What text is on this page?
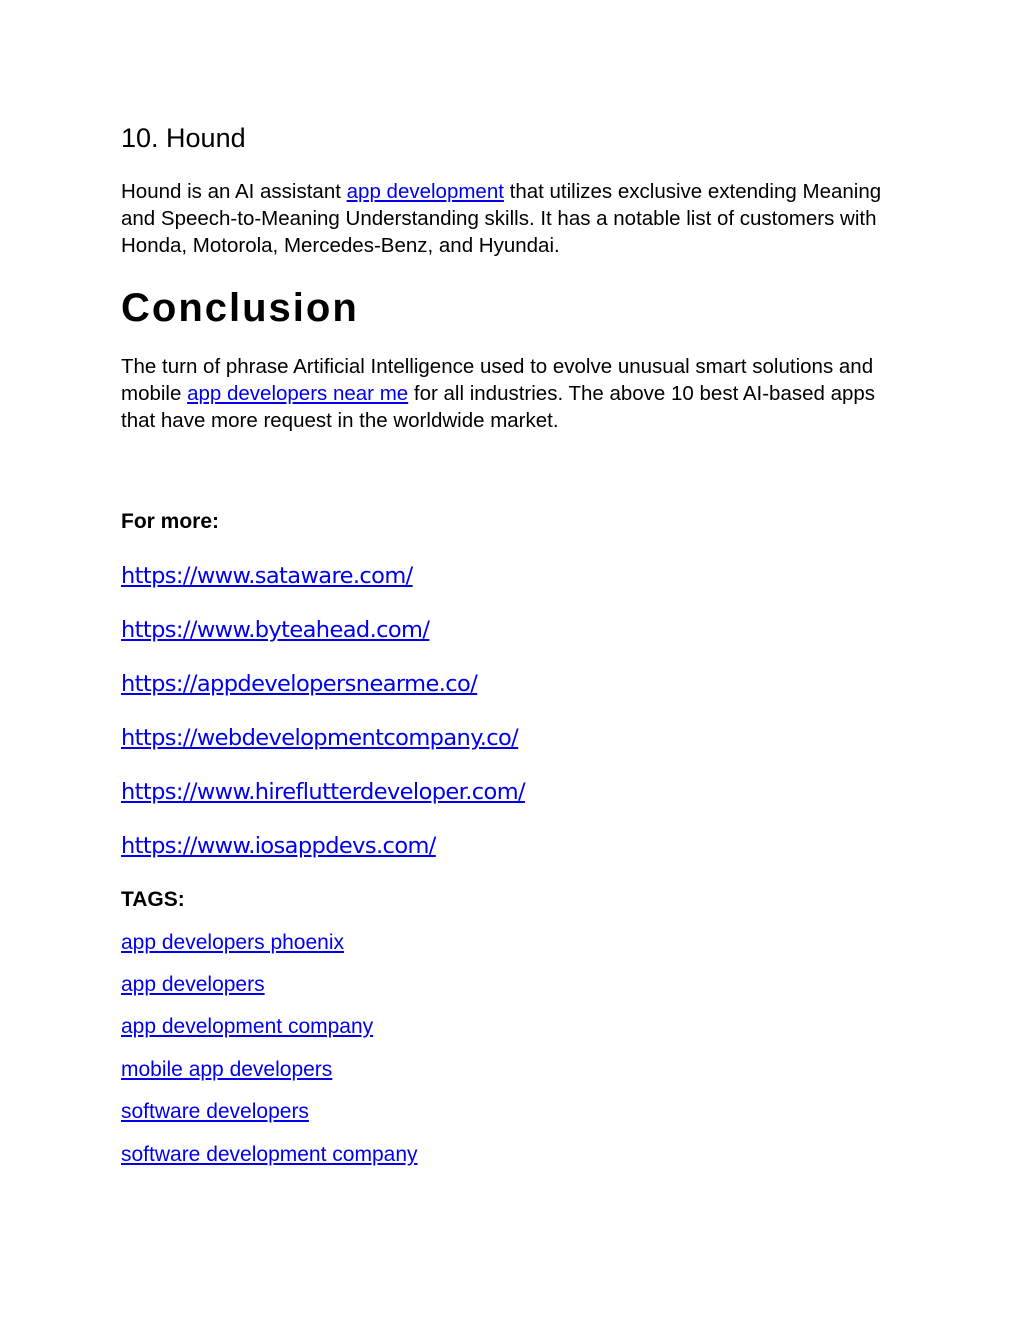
10. Hound

Hound is an AI assistant app development that utilizes exclusive extending Meaning and Speech-to-Meaning Understanding skills. It has a notable list of customers with Honda, Motorola, Mercedes-Benz, and Hyundai.

Conclusion

The turn of phrase Artificial Intelligence used to evolve unusual smart solutions and mobile app developers near me for all industries. The above 10 best AI-based apps that have more request in the worldwide market.

For more:
https://www.sataware.com/
https://www.byteahead.com/
https://appdevelopersnearme.co/
https://webdevelopmentcompany.co/
https://www.hireflutterdeveloper.com/
https://www.iosappdevs.com/
TAGS:
app developers phoenix
app developers
app development company
mobile app developers
software developers
software development company
